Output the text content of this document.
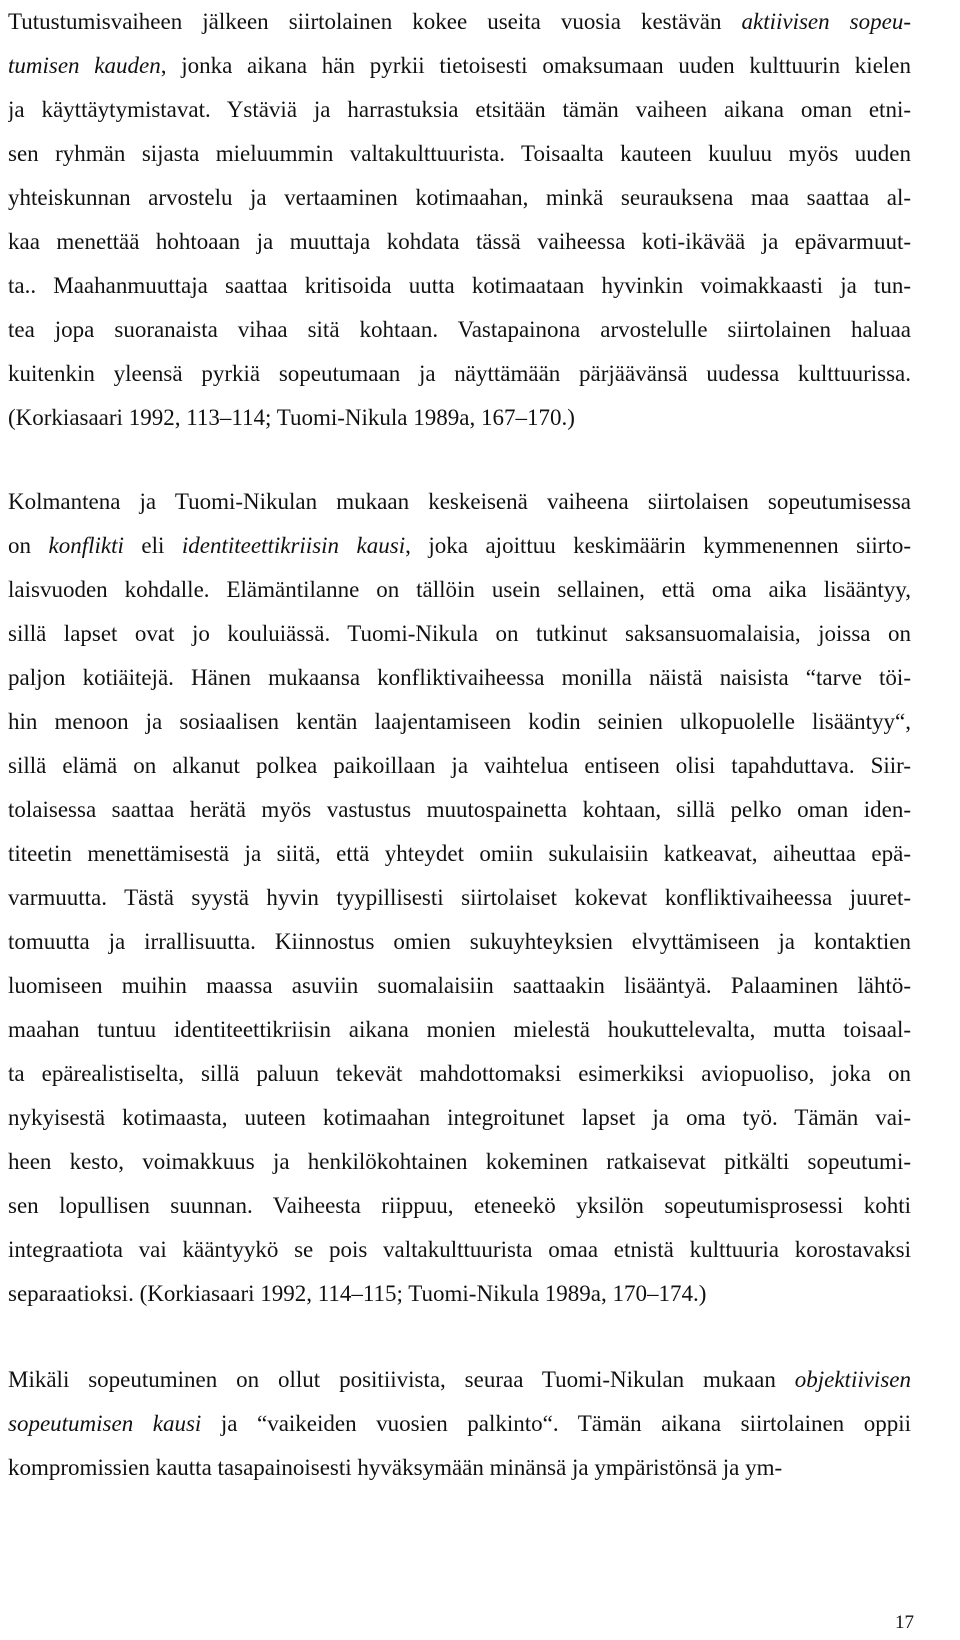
17
Tutustumisvaiheen jälkeen siirtolainen kokee useita vuosia kestävän aktiivisen sopeu-
tumisen kauden, jonka aikana hän pyrkii tietoisesti omaksumaan uuden kulttuurin kielen
ja käyttäytymistavat. Ystäviä ja harrastuksia etsitään tämän vaiheen aikana oman etni-
sen ryhmän sijasta mieluummin valtakulttuurista. Toisaalta kauteen kuuluu myös uuden
yhteiskunnan arvostelu ja vertaaminen kotimaahan, minkä seurauksena maa saattaa al-
kaa menettää hohtoaan ja muuttaja kohdata tässä vaiheessa koti-ikävää ja epävarmuut-
ta.. Maahanmuuttaja saattaa kritisoida uutta kotimaataan hyvinkin voimakkaasti ja tun-
tea jopa suoranaista vihaa sitä kohtaan. Vastapainona arvostelulle siirtolainen haluaa
kuitenkin yleensä pyrkiä sopeutumaan ja näyttämään pärjäävänsä uudessa kulttuurissa.
(Korkiasaari 1992, 113–114; Tuomi-Nikula 1989a, 167–170.)
Kolmantena ja Tuomi-Nikulan mukaan keskeisenä vaiheena siirtolaisen sopeutumisessa
on konflikti eli identiteettikriisin kausi, joka ajoittuu keskimäärin kymmenennen siirto-
laisvuoden kohdalle. Elämäntilanne on tällöin usein sellainen, että oma aika lisääntyy,
sillä lapset ovat jo kouluiässä. Tuomi-Nikula on tutkinut saksansuomalaisia, joissa on
paljon kotiäitejä. Hänen mukaansa konfliktivaiheessa monilla näistä naisista “tarve töi-
hin menoon ja sosiaalisen kentän laajentamiseen kodin seinien ulkopuolelle lisääntyy“,
sillä elämä on alkanut polkea paikoillaan ja vaihtelua entiseen olisi tapahduttava. Siir-
tolaisessa saattaa herätä myös vastustus muutospainetta kohtaan, sillä pelko oman iden-
titeetin menettämisestä ja siitä, että yhteydet omiin sukulaisiin katkeavat, aiheuttaa epä-
varmuutta. Tästä syystä hyvin tyypillisesti siirtolaiset kokevat konfliktivaiheessa juuret-
tomuutta ja irrallisuutta. Kiinnostus omien sukuyhteyksien elvyttämiseen ja kontaktien
luomiseen muihin maassa asuviin suomalaisiin saattaakin lisääntyä. Palaaminen lähtö-
maahan tuntuu identiteettikriisin aikana monien mielestä houkuttelevalta, mutta toisaal-
ta epärealistiselta, sillä paluun tekevät mahdottomaksi esimerkiksi aviopuoliso, joka on
nykyisestä kotimaasta, uuteen kotimaahan integroitunet lapset ja oma työ. Tämän vai-
heen kesto, voimakkuus ja henkilökohtainen kokeminen ratkaisevat pitkälti sopeutumi-
sen lopullisen suunnan. Vaiheesta riippuu, eteneekö yksilön sopeutumisprosessi kohti
integraatiota vai kääntyykö se pois valtakulttuurista omaa etnistä kulttuuria korostavaksi
separaatioksi. (Korkiasaari 1992, 114–115; Tuomi-Nikula 1989a, 170–174.)
Mikäli sopeutuminen on ollut positiivista, seuraa Tuomi-Nikulan mukaan objektiivisen
sopeutumisen kausi ja “vaikeiden vuosien palkinto“. Tämän aikana siirtolainen oppii
kompromissien kautta tasapainoisesti hyväksymään minänsä ja ympäristönsä ja ym-
